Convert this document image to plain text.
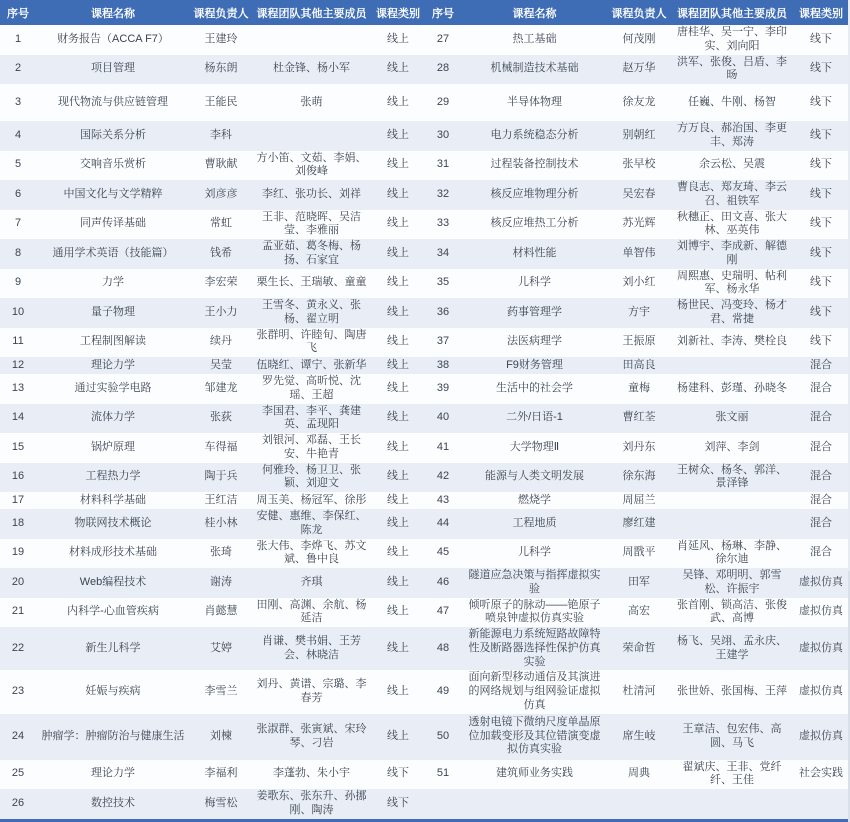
序号	课程名称	课程负责人	课程团队其他主要成员	课程类别	序号	课程名称	课程负责人	课程团队其他主要成员	课程类别
1	财务报告（ACCA F7）	王建玲		线上	27	热工基础	何茂刚	唐桂华、吴一宁、李印实、刘向阳	线下
2	项目管理	杨东朗	杜金锋、杨小军	线上	28	机械制造技术基础	赵万华	洪军、张俊、吕盾、李旸	线下
3	现代物流与供应链管理	王能民	张萌	线上	29	半导体物理	徐友龙	任巍、牛刚、杨智	线下
4	国际关系分析	李科		线上	30	电力系统稳态分析	别朝红	方万良、郝治国、李更丰、郑涛	线下
5	交响音乐赏析	曹耿献	方小笛、文茹、李娟、刘俊峰	线上	31	过程装备控制技术	张早校	余云松、吴震	线下
6	中国文化与文学精粹	刘彦彦	李红、张功长、刘祥	线上	32	核反应堆物理分析	吴宏春	曹良志、郑友琦、李云召、祖铁军	线下
7	同声传译基础	常虹	王非、范晓晖、吴洁莹、李雅丽	线上	33	核反应堆热工分析	苏光辉	秋穗正、田文喜、张大林、巫英伟	线下
8	通用学术英语（技能篇）	钱希	孟亚茹、葛冬梅、杨扬、石家宜	线上	34	材料性能	单智伟	刘博宇、李成新、解德刚	线下
9	力学	李宏荣	栗生长、王瑞敏、童童	线上	35	儿科学	刘小红	周熙惠、史瑞明、帖利军、杨永华	线下
10	量子物理	王小力	王雪冬、黄永义、张杨、翟立明	线上	36	药事管理学	方宇	杨世民、冯变玲、杨才君、常捷	线下
11	工程制图解读	续丹	张群明、许睦旬、陶唐飞	线上	37	法医病理学	王振原	刘新社、李涛、樊栓良	线下
12	理论力学	吴莹	伍晓红、谭宁、张新华	线上	38	F9财务管理	田高良		混合
13	通过实验学电路	邹建龙	罗先觉、高昕悦、沈瑶、王超	线上	39	生活中的社会学	童梅	杨建科、彭瑾、孙晓冬	混合
14	流体力学	张荻	李国君、李平、龚建英、孟现阳	线上	40	二外/日语-1	曹红荃	张文丽	混合
15	锅炉原理	车得福	刘银河、邓磊、王长安、牛艳青	线上	41	大学物理Ⅱ	刘丹东	刘萍、李剑	混合
16	工程热力学	陶于兵	何雅玲、杨卫卫、张颖、刘迎文	线上	42	能源与人类文明发展	徐东海	王树众、杨冬、郭洋、景泽锋	混合
17	材料科学基础	王红洁	周玉美、杨冠军、徐彤	线上	43	燃烧学	周屈兰		混合
18	物联网技术概论	桂小林	安健、惠维、李保红、陈龙	线上	44	工程地质	廖红建		混合
19	材料成形技术基础	张琦	张大伟、李烨飞、苏文斌、鲁中良	线上	45	儿科学	周戬平	肖延风、杨琳、李静、徐尔迪	混合
20	Web编程技术	谢涛	齐琪	线上	46	隧道应急决策与指挥虚拟实验	田军	吴锋、邓明明、郭雪松、许振宇	虚拟仿真
21	内科学-心血管疾病	肖懿慧	田刚、高渊、余航、杨延洁	线上	47	倾听原子的脉动——铯原子喷泉钟虚拟仿真实验	高宏	张首刚、锁高洁、张俊武、高博	虚拟仿真
22	新生儿科学	艾婷	肖谦、樊书娟、王芳会、林晓洁	线上	48	新能源电力系统短路故障特性及断路器选择性保护仿真实验	荣命哲	杨飞、吴翊、孟永庆、王建学	虚拟仿真
23	妊娠与疾病	李雪兰	刘丹、黄谱、宗璐、李春芳	线上	49	面向新型移动通信及其演进的网络规划与组网验证虚拟仿真	杜清河	张世娇、张国梅、王萍	虚拟仿真
24	肿瘤学：肿瘤防治与健康生活	刘楝	张淑群、张寅斌、宋玲琴、刁岩	线上	50	透射电镜下微纳尺度单晶原位加载变形及其位错演变虚拟仿真实验	席生岐	王章洁、包宏伟、高圆、马飞	虚拟仿真
25	理论力学	李福利	李蓬勃、朱小宇	线下	51	建筑师业务实践	周典	翟斌庆、王非、党纤纤、王佳	社会实践
26	数控技术	梅雪松	姜歌东、张东升、孙挪刚、陶涛	线下					
